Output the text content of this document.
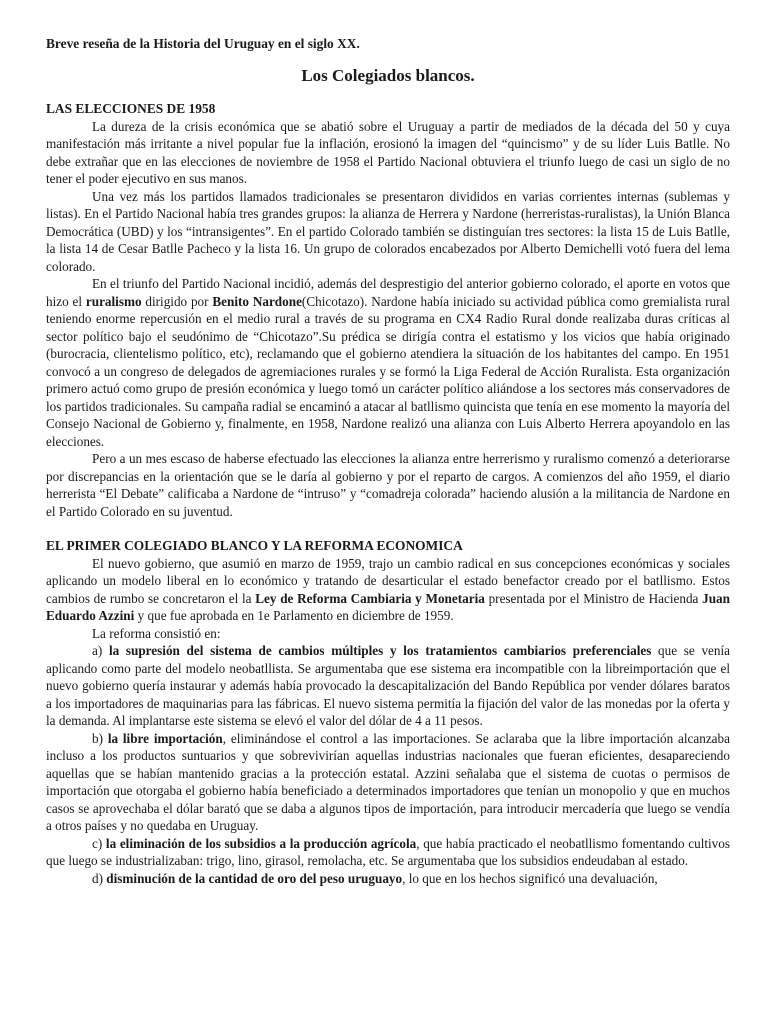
Breve reseña de la Historia del Uruguay en el siglo XX.
Los Colegiados blancos.
LAS ELECCIONES DE 1958

La dureza de la crisis económica que se abatió sobre el Uruguay a partir de mediados de la década del 50 y cuya manifestación más irritante a nivel popular fue la inflación, erosionó la imagen del “quincismo” y de su líder Luis Batlle. No debe extrañar que en las elecciones de noviembre de 1958 el Partido Nacional obtuviera el triunfo luego de casi un siglo de no tener el poder ejecutivo en sus manos.

Una vez más los partidos llamados tradicionales se presentaron divididos en varias corrientes internas (sublemas y listas). En el Partido Nacional había tres grandes grupos: la alianza de Herrera y Nardone (herreristas-ruralistas), la Unión Blanca Democrática (UBD) y los “intransigentes”. En el partido Colorado también se distinguían tres sectores: la lista 15 de Luis Batlle, la lista 14 de Cesar Batlle Pacheco y la lista 16. Un grupo de colorados encabezados por Alberto Demichelli votó fuera del lema colorado.

En el triunfo del Partido Nacional incidió, además del desprestigio del anterior gobierno colorado, el aporte en votos que hizo el ruralismo dirigido por Benito Nardone(Chicotazo). Nardone había iniciado su actividad pública como gremialista rural teniendo enorme repercusión en el medio rural a través de su programa en CX4 Radio Rural donde realizaba duras críticas al sector político bajo el seudónimo de “Chicotazo”.Su prédica se dirigía contra el estatismo y los vicios que había originado (burocracia, clientelismo político, etc), reclamando que el gobierno atendiera la situación de los habitantes del campo. En 1951 convocó a un congreso de delegados de agremiaciones rurales y se formó la Liga Federal de Acción Ruralista. Esta organización primero actuó como grupo de presión económica y luego tomó un carácter político aliándose a los sectores más conservadores de los partidos tradicionales. Su campaña radial se encaminó a atacar al batllismo quincista que tenía en ese momento la mayoría del Consejo Nacional de Gobierno y, finalmente, en 1958, Nardone realizó una alianza con Luis Alberto Herrera apoyandolo en las elecciones.

Pero a un mes escaso de haberse efectuado las elecciones la alianza entre herrerismo y ruralismo comenzó a deteriorarse por discrepancias en la orientación que se le daría al gobierno y por el reparto de cargos. A comienzos del año 1959, el diario herrerista “El Debate” calificaba a Nardone de “intruso” y “comadreja colorada” haciendo alusión a la militancia de Nardone en el Partido Colorado en su juventud.

EL PRIMER COLEGIADO BLANCO Y LA REFORMA ECONOMICA

El nuevo gobierno, que asumió en marzo de 1959, trajo un cambio radical en sus concepciones económicas y sociales aplicando un modelo liberal en lo económico y tratando de desarticular el estado benefactor creado por el batllismo. Estos cambios de rumbo se concretaron el la Ley de Reforma Cambiaria y Monetaria presentada por el Ministro de Hacienda Juan Eduardo Azzini y que fue aprobada en 1e Parlamento en diciembre de 1959.

La reforma consistió en:

a) la supresión del sistema de cambios múltiples y los tratamientos cambiarios preferenciales que se venía aplicando como parte del modelo neobatllista. Se argumentaba que ese sistema era incompatible con la libreimportación que el nuevo gobierno quería instaurar y además había provocado la descapitalización del Bando República por vender dólares baratos a los importadores de maquinarias para las fábricas. El nuevo sistema permitía la fijación del valor de las monedas por la oferta y la demanda. Al implantarse este sistema se elevó el valor del dólar de 4 a 11 pesos.

b) la libre importación, eliminándose el control a las importaciones. Se aclaraba que la libre importación alcanzaba incluso a los productos suntuarios y que sobrevivirían aquellas industrias nacionales que fueran eficientes, desapareciendo aquellas que se habían mantenido gracias a la protección estatal. Azzini señalaba que el sistema de cuotas o permisos de importación que otorgaba el gobierno había beneficiado a determinados importadores que tenían un monopolio y que en muchos casos se aprovechaba el dólar barató que se daba a algunos tipos de importación, para introducir mercadería que luego se vendía a otros países y no quedaba en Uruguay.

c) la eliminación de los subsidios a la producción agrícola, que había practicado el neobatllismo fomentando cultivos que luego se industrializaban: trigo, lino, girasol, remolacha, etc. Se argumentaba que los subsidios endeudaban al estado.

d) disminución de la cantidad de oro del peso uruguayo, lo que en los hechos significó una devaluación,
